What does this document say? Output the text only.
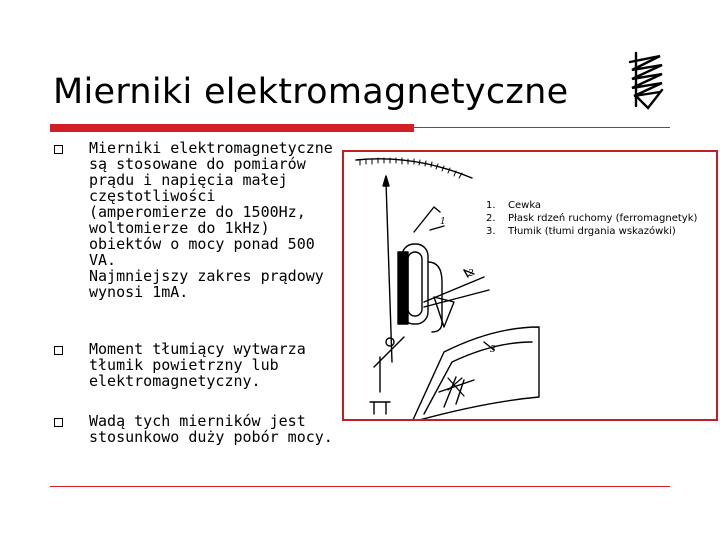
Mierniki elektromagnetyczne
Mierniki elektromagnetyczne
są stosowane do pomiarów
prądu i napięcia małej
częstotliwości
(amperomierze do 1500Hz,
woltomierze do 1kHz)
obiektów o mocy ponad 500
VA.
Najmniejszy zakres prądowy
wynosi 1mA.
Moment tłumiący wytwarza
tłumik powietrzny lub
elektromagnetyczny.
Wadą tych mierników jest
stosunkowo duży pobór mocy.
1
2
3
1. Cewka
2. Płask rdzeń ruchomy (ferromagnetyk)
3. Tłumik (tłumi drgania wskazówki)
